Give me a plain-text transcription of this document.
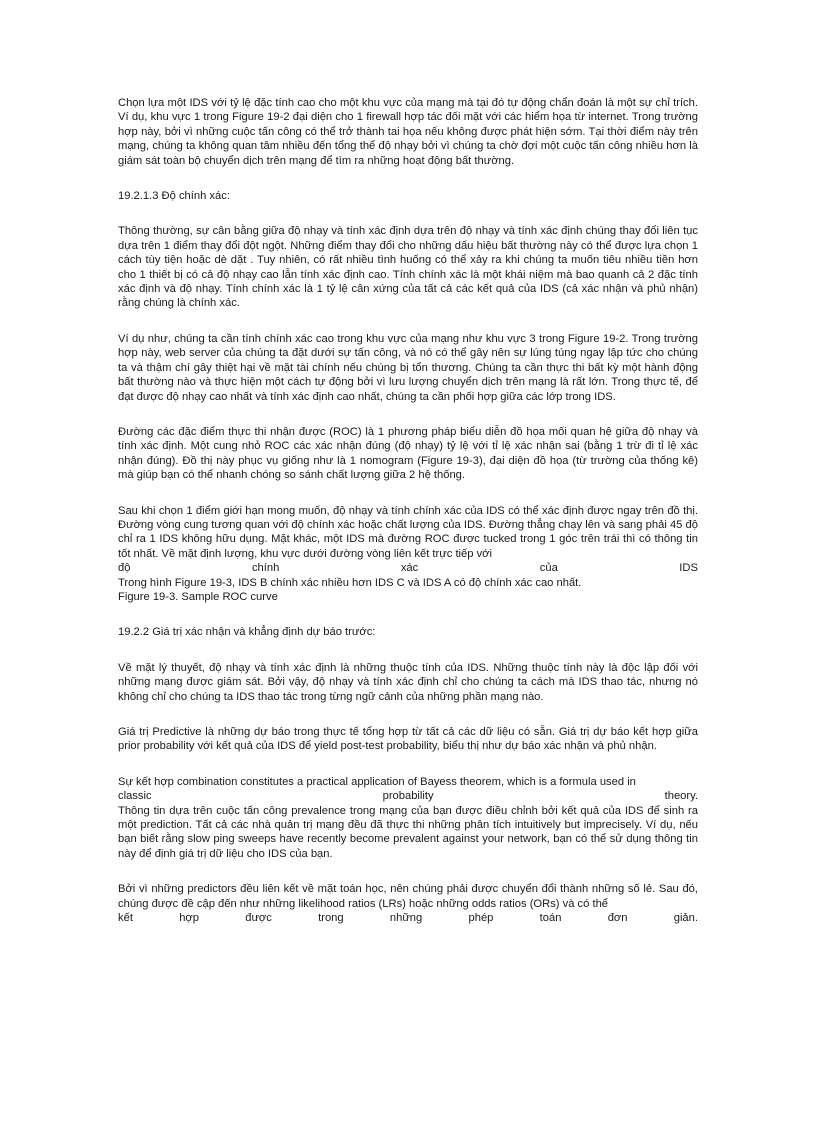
Chọn lựa một IDS với tỷ lệ đặc tính cao cho một khu vực của mạng mà tại đó tự động chẩn đoán là một sự chỉ trích. Ví dụ, khu vực 1 trong Figure 19-2 đại diện cho 1 firewall hợp tác đối mặt với các hiểm họa từ internet. Trong trường hợp này, bởi vì những cuộc tấn công có thể trở thành tai họa nếu không được phát hiện sớm. Tại thời điểm này trên mạng, chúng ta không quan tâm nhiều đến tổng thể độ nhạy bởi vì chúng ta chờ đợi một cuộc tấn công nhiều hơn là giám sát toàn bộ chuyển dịch trên mạng để tìm ra những hoạt động bất thường.

19.2.1.3 Độ chính xác:

Thông thường, sự cân bằng giữa độ nhạy và tính xác định dựa trên độ nhạy và tính xác định chúng thay đổi liên tục dựa trên 1 điểm thay đổi đột ngột. Những điểm thay đổi cho những dấu hiệu bất thường này có thể được lựa chọn 1 cách tùy tiện hoặc dè dặt . Tuy nhiên, có rất nhiều tình huống có thể xảy ra khi chúng ta muốn tiêu nhiều tiền hơn cho 1 thiết bị có cả độ nhạy cao lẫn tính xác định cao. Tính chính xác là một khái niệm mà bao quanh cả 2 đặc tính xác định và độ nhạy. Tính chính xác là 1 tỷ lệ cân xứng của tất cả các kết quả của IDS (cả xác nhận và phủ nhận) rằng chúng là chính xác.

Ví dụ như, chúng ta cần tính chính xác cao trong khu vực của mạng như khu vực 3 trong Figure 19-2. Trong trường hợp này, web server của chúng ta đặt dưới sự tấn công, và nó có thể gây nên sự lúng túng ngay lập tức cho chúng ta và thậm chí gây thiệt hại về mặt tài chính nếu chúng bị tổn thương. Chúng ta cần thực thi bất kỳ một hành động bất thường nào và thực hiện một cách tự động bởi vì lưu lượng chuyển dịch trên mạng là rất lớn. Trong thực tế, để đạt được độ nhạy cao nhất và tính xác định cao nhất, chúng ta cần phối hợp giữa các lớp trong IDS.

Đường các đặc điểm thực thi nhận được (ROC) là 1 phương pháp biểu diễn đồ họa mối quan hệ giữa độ nhạy và tính xác định. Một cung nhỏ ROC các xác nhận đúng (độ nhạy) tỷ lệ với tỉ lệ xác nhận sai (bằng 1 trừ đi tỉ lệ xác nhận đúng). Đồ thị này phục vụ giống như là 1 nomogram (Figure 19-3), đại diện đồ họa (từ trường của thống kê) mà giúp bạn có thể nhanh chóng so sánh chất lượng giữa 2 hệ thống.

Sau khi chọn 1 điểm giới hạn mong muốn, độ nhạy và tính chính xác của IDS có thể xác định được ngay trên đồ thị. Đường vòng cung tương quan với độ chính xác hoặc chất lượng của IDS. Đường thẳng chạy lên và sang phải 45 độ chỉ ra 1 IDS không hữu dụng. Mặt khác, một IDS mà đường ROC được tucked trong 1 góc trên trái thì có thông tin tốt nhất. Về mặt định lượng, khu vực dưới đường vòng liên kết trực tiếp với

độ	chính	xác	của	IDS

Trong hình Figure 19-3, IDS B chính xác nhiều hơn IDS C và IDS A có độ chính xác cao nhất.

Figure 19-3. Sample ROC curve

19.2.2 Giá trị xác nhận và khẳng định dự báo trước:

Về mặt lý thuyết, độ nhạy và tính xác định là những thuộc tính của IDS. Những thuộc tính này là độc lập đối với những mạng được giám sát. Bởi vậy, độ nhạy và tính xác định chỉ cho chúng ta cách mà IDS thao tác, nhưng nó không chỉ cho chúng ta IDS thao tác trong từng ngữ cảnh của những phần mạng nào.

Giá trị Predictive là những dự báo trong thực tế tổng hợp từ tất cả các dữ liệu có sẵn. Giá trị dự báo kết hợp giữa prior probability với kết quả của IDS để yield post-test probability, biểu thị như dự báo xác nhận và phủ nhận.

Sự kết hợp combination constitutes a practical application of Bayess theorem, which is a formula used in

classic	probability	theory.

Thông tin dựa trên cuộc tấn công prevalence trong mạng của bạn được điều chỉnh bởi kết quả của IDS để sinh ra một prediction. Tất cả các nhà quản trị mạng đều đã thực thi những phân tích intuitively but imprecisely. Ví dụ, nếu bạn biết rằng slow ping sweeps have recently become prevalent against your network, bạn có thể sử dụng thông tin này để định giá trị dữ liệu cho IDS của bạn.

Bởi vì những predictors đều liên kết về mặt toán học, nên chúng phải được chuyển đổi thành những số lẻ. Sau đó, chúng được đề cập đến như những likelihood ratios (LRs) hoặc những odds ratios (ORs) và có thể

kết	hợp	được	trong	những	phép	toán	đơn	giản.
